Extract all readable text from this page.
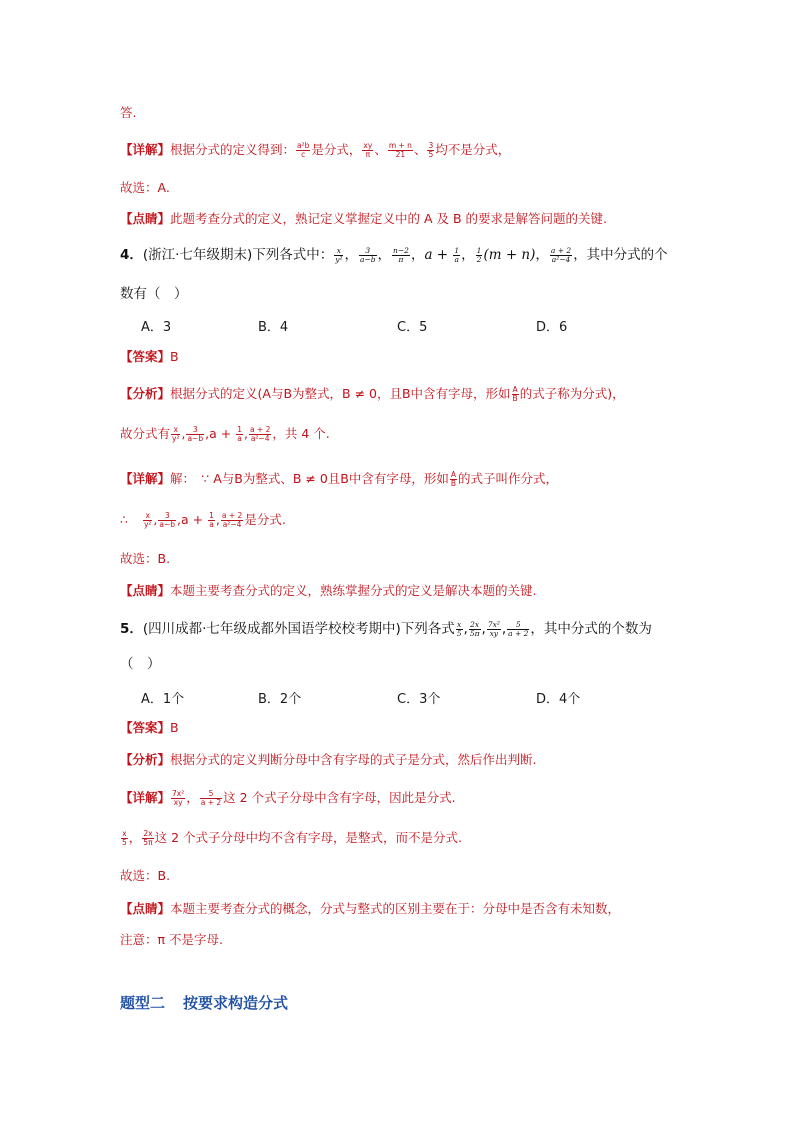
答.
【详解】根据分式的定义得到： $\frac{\text{a²b}}{c}$ 是分式， $\frac{xy}{\pi}$ 、 $\frac{m + n}{21}$ 、 $\frac{3}{5}$ 均不是分式，
故选：A.
【点睛】此题考查分式的定义，熟记定义掌握定义中的 A 及 B 的要求是解答问题的关键.
4．(浙江·七年级期末)下列各式中： $\frac{x}{\text{y²}}$ ， $\frac{3}{a-b}$ ， $\frac{n-2}{\pi}$ ，$a + \frac{1}{a}$ ， $\frac{1}{2} (m + n)$， $\frac{a + 2}{\text{a²−4}}$ ，其中分式的个
数有（　）
A．3	B．4	C．5	D．6
【答案】B
【分析】根据分式的定义(A与B为整式，B ≠ 0，且B中含有字母，形如 $\frac{A}{B}$ 的式子称为分式)，
故分式有 $\frac{x}{\text{y²}}$ , $\frac{3}{a-b} ,a + \frac{1}{a}$ , $\frac{a + 2}{\text{a²−4}}$ ，共 4 个.
【详解】解：　∵ A与B为整式、B ≠ 0且B中含有字母，形如 $\frac{A}{B}$ 的式子叫作分式，
∴ $\frac{x}{\text{y²}}$ , $\frac{3}{a-b} ,a + \frac{1}{a}$ , $\frac{a + 2}{\text{a²−4}}$ 是分式.
故选：B.
【点睛】本题主要考查分式的定义，熟练掌握分式的定义是解决本题的关键.
5．(四川成都·七年级成都外国语学校校考期中)下列各式 $\frac{x}{5}$ , $\frac{2x}{5\pi}$ , $\frac{\text{7x²}}{xy}$ , $\frac{5}{a + 2}$ ，其中分式的个数为
（　）
A．1个	B．2个	C．3个	D．4个
【答案】B
【分析】根据分式的定义判断分母中含有字母的式子是分式，然后作出判断.
【详解】 $\frac{\text{7x²}}{xy}$ ， $\frac{5}{a + 2}$ 这 2 个式子分母中含有字母，因此是分式.
$\frac{x}{5}$ ， $\frac{2x}{5\pi}$ 这 2 个式子分母中均不含有字母，是整式，而不是分式.
故选：B.
【点睛】本题主要考查分式的概念，分式与整式的区别主要在于：分母中是否含有未知数，
注意：π 不是字母.
题型二 按要求构造分式
